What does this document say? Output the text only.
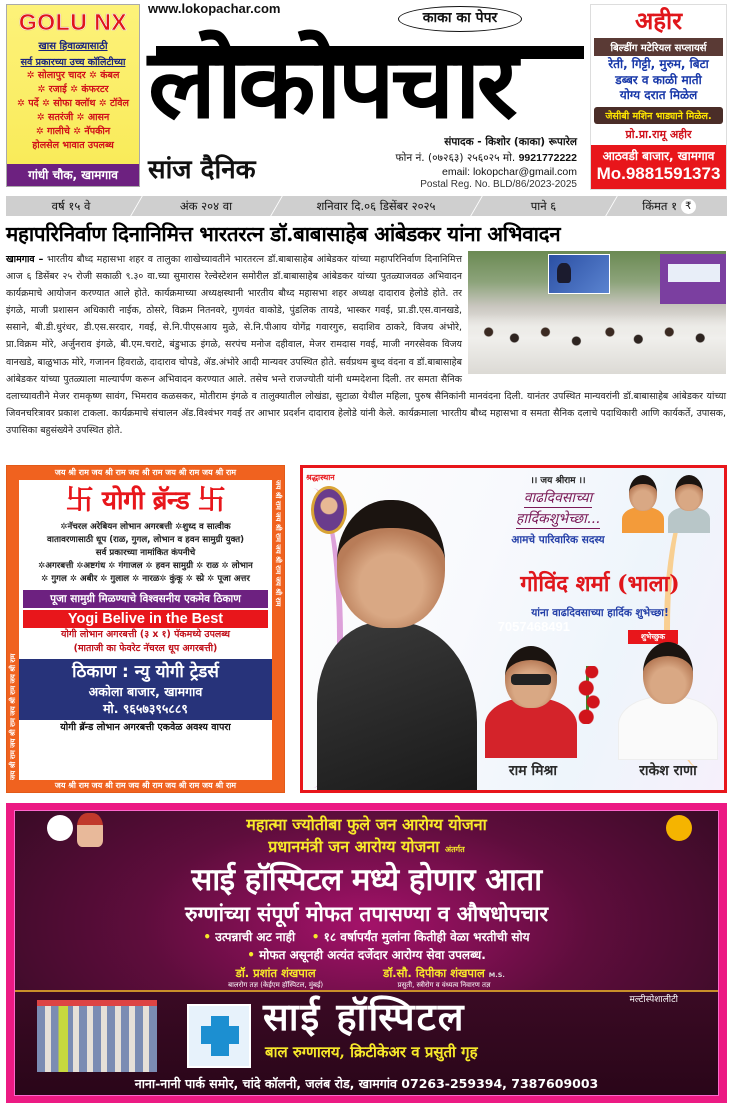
GOLU NX
खास हिवाळ्यासाठी
सर्व प्रकारच्या उच्च कॉलिटीच्या
✲ सोलापुर चादर ✲ कंबल
✲ रजाई ✲ कंफरटर
✲ पर्दे ✲ सोफा क्लॉथ ✲ टॉवेल
✲ सतरंजी ✲ आसन
✲ गालीचे ✲ नॅपकीन
होलसेल भावात उपलब्ध
गांधी चौक, खामगाव
www.lokopachar.com
काका का पेपर
लोकोपचार
सांज दैनिक
संपादक - किशोर (काका) रूपारेल
फोन नं. (०७२६३) २५६०२५ मो. 9921772222
email: lokopchar@gmail.com
Postal Reg. No. BLD/86/2023-2025
अहीर
बिल्डींग मटेरियल सप्लायर्स
रेती, गिट्टी, मुरुम, बिटा
डब्बर व काळी माती
योग्य दरात मिळेल
जेसीबी मशिन भाड्याने मिळेल.
प्रो.प्रा.रामू अहीर
आठवडी बाजार, खामगाव
Mo.9881591373
वर्ष १५ वे	अंक २०४ वा	शनिवार दि.०६ डिसेंबर २०२५	पाने ६	किंमत १ ₹
महापरिनिर्वाण दिनानिमित्त भारतरत्न डॉ.बाबासाहेब आंबेडकर यांना अभिवादन
खामगाव – भारतीय बौध्द महासभा शहर व तालुका शाखेच्यावतीने भारतरत्न डॉ.बाबासाहेब आंबेडकर यांच्या महापरिनिर्वाण दिनानिमित्त आज ६ डिसेंबर २५ रोजी सकाळी ९.३० वा.च्या सुमारास रेल्वेस्टेशन समोरील डॉ.बाबासाहेब आंबेडकर यांच्या पुतळ्याजवळ अभिवादन कार्यक्रमाचे आयोजन करण्यात आले होते. कार्यक्रमाच्या अध्यक्षस्थानी भारतीय बौध्द महासभा शहर अध्यक्ष दादाराव हेलोडे होते. तर इंगळे, माजी प्रशासन अधिकारी नाईक, ठोसरे, विक्रम नितनवरे, गुणवंत वाकोडे, पुंडलिक तायडे, भास्कर गवई, प्रा.डी.एस.वानखडे, ससाने, बी.डी.धुरंधर, डी.एस.सरदार, गवई, से.नि.पीएसआय मुळे, से.नि.पीआय योगेंद्र गवारगुरु, सदाशिव ठाकरे, विजय अंभोरे, प्रा.विक्रम मोरे, अर्जुनराव इंगळे, बी.एम.चराटे, बंडुभाऊ इंगळे, सरपंच मनोज दहीवाल, मेजर रामदास गवई, माजी नगरसेवक विजय वानखडे, बाळुभाऊ मोरे, गजानन हिवराळे, दादाराव चोपडे, ॲड.अंभोरे आदी मान्यवर उपस्थित होते. सर्वप्रथम बुध्द वंदना व डॉ.बाबासाहेब आंबेडकर यांच्या पुतळ्याला माल्यार्पण करून अभिवादन करण्यात आले. तसेच भन्ते राजज्योती यांनी धम्मदेशना दिली. तर समता सैनिक दलाच्यावतीने मेजर रामकृष्ण सावंग, भिमराव कळसकर, मोतीराम इंगळे व तालुक्यातील लोखंडा, सुटाळा येथील महिला, पुरुष सैनिकांनी मानवंदना दिली. यानंतर उपस्थित मान्यवरांनी डॉ.बाबासाहेब आंबेडकर यांच्या जिवनचरित्रावर प्रकाश टाकला. कार्यक्रमाचे संचालन ॲड.विश्वंभर गवई तर आभार प्रदर्शन दादाराव हेलोडे यांनी केले. कार्यक्रमाला भारतीय बौध्द महासभा व समता सैनिक दलाचे पदाधिकारी आणि कार्यकर्ते, उपासक, उपासिका बहुसंख्येने उपस्थित होते.
जय श्री राम जय श्री राम जय श्री राम जय श्री राम जय श्री राम
जय श्री राम जय श्री राम जय श्री राम जय श्री राम
जय श्री राम जय श्री राम जय श्री राम जय श्री राम
卐 योगी ब्रॅन्ड 卐
✲नॅचरल अरेबियन लोभान अगरबत्ती ✲शुध्द व सात्वीक
वातावरणासाठी धूप (राळ, गुगल, लोभान व हवन सामुग्री युक्त)
सर्व प्रकारच्या नामांकित कंपनीचे
✲अगरबत्ती ✲अष्टगंध ✲ गंगाजल ✲ हवन सामुग्री ✲ राळ ✲ लोभान
✲ गुगल ✲ अबीर ✲ गुलाल ✲ नारळ✲ कुंकू ✲ स्प्रे ✲ पूजा अत्तर
पूजा सामुग्री मिळण्याचे विश्वसनीय एकमेव ठिकाण
Yogi Belive in the Best
योगी लोभान अगरबत्ती (३ x १) पॅकमध्ये उपलब्ध
(माताजी का फेवरेट नॅचरल धूप अगरबत्ती)
ठिकाण : न्यु योगी ट्रेडर्स
अकोला बाजार, खामगाव
मो. ९६५७३९५८८९
योगी ब्रॅन्ड लोभान अगरबत्ती एकवेळ अवश्य वापरा
जय श्री राम जय श्री राम जय श्री राम जय श्री राम जय श्री राम
श्रद्धास्थान
7057468491
।। जय श्रीराम ।।
वाढदिवसाच्या
हार्दिकशुभेच्छा...
आमचे पारिवारिक सदस्य
गोविंद शर्मा (भाला)
यांना वाढदिवसाच्या हार्दिक शुभेच्छा!
शुभेच्छुक
राम मिश्रा	राकेश राणा
महात्मा ज्योतीबा फुले जन आरोग्य योजना
प्रधानमंत्री जन आरोग्य योजना अंतर्गत
साई हॉस्पिटल मध्ये होणार आता
रुग्णांच्या संपूर्ण मोफत तपासण्या व औषधोपचार
• उत्पन्नाची अट नाही • १८ वर्षापर्यंत मुलांना कितीही वेळा भरतीची सोय
• मोफत असूनही अत्यंत दर्जेदार आरोग्य सेवा उपलब्ध.
डॉ. प्रशांत शंखपाल
बालरोग तज्ञ (केईएम हॉस्पिटल, मुंबई)
डॉ.सौ. दिपीका शंखपाल M.S.
प्रसुती, स्त्रीरोग व वंध्यत्व निवारण तज्ञ
मल्टीस्पेशालीटी
साई हॉस्पिटल
बाल रुग्णालय, क्रिटीकेअर व प्रसुती गृह
नाना-नानी पार्क समोर, चांदे कॉलनी, जलंब रोड, खामगांव 07263-259394, 7387609003
